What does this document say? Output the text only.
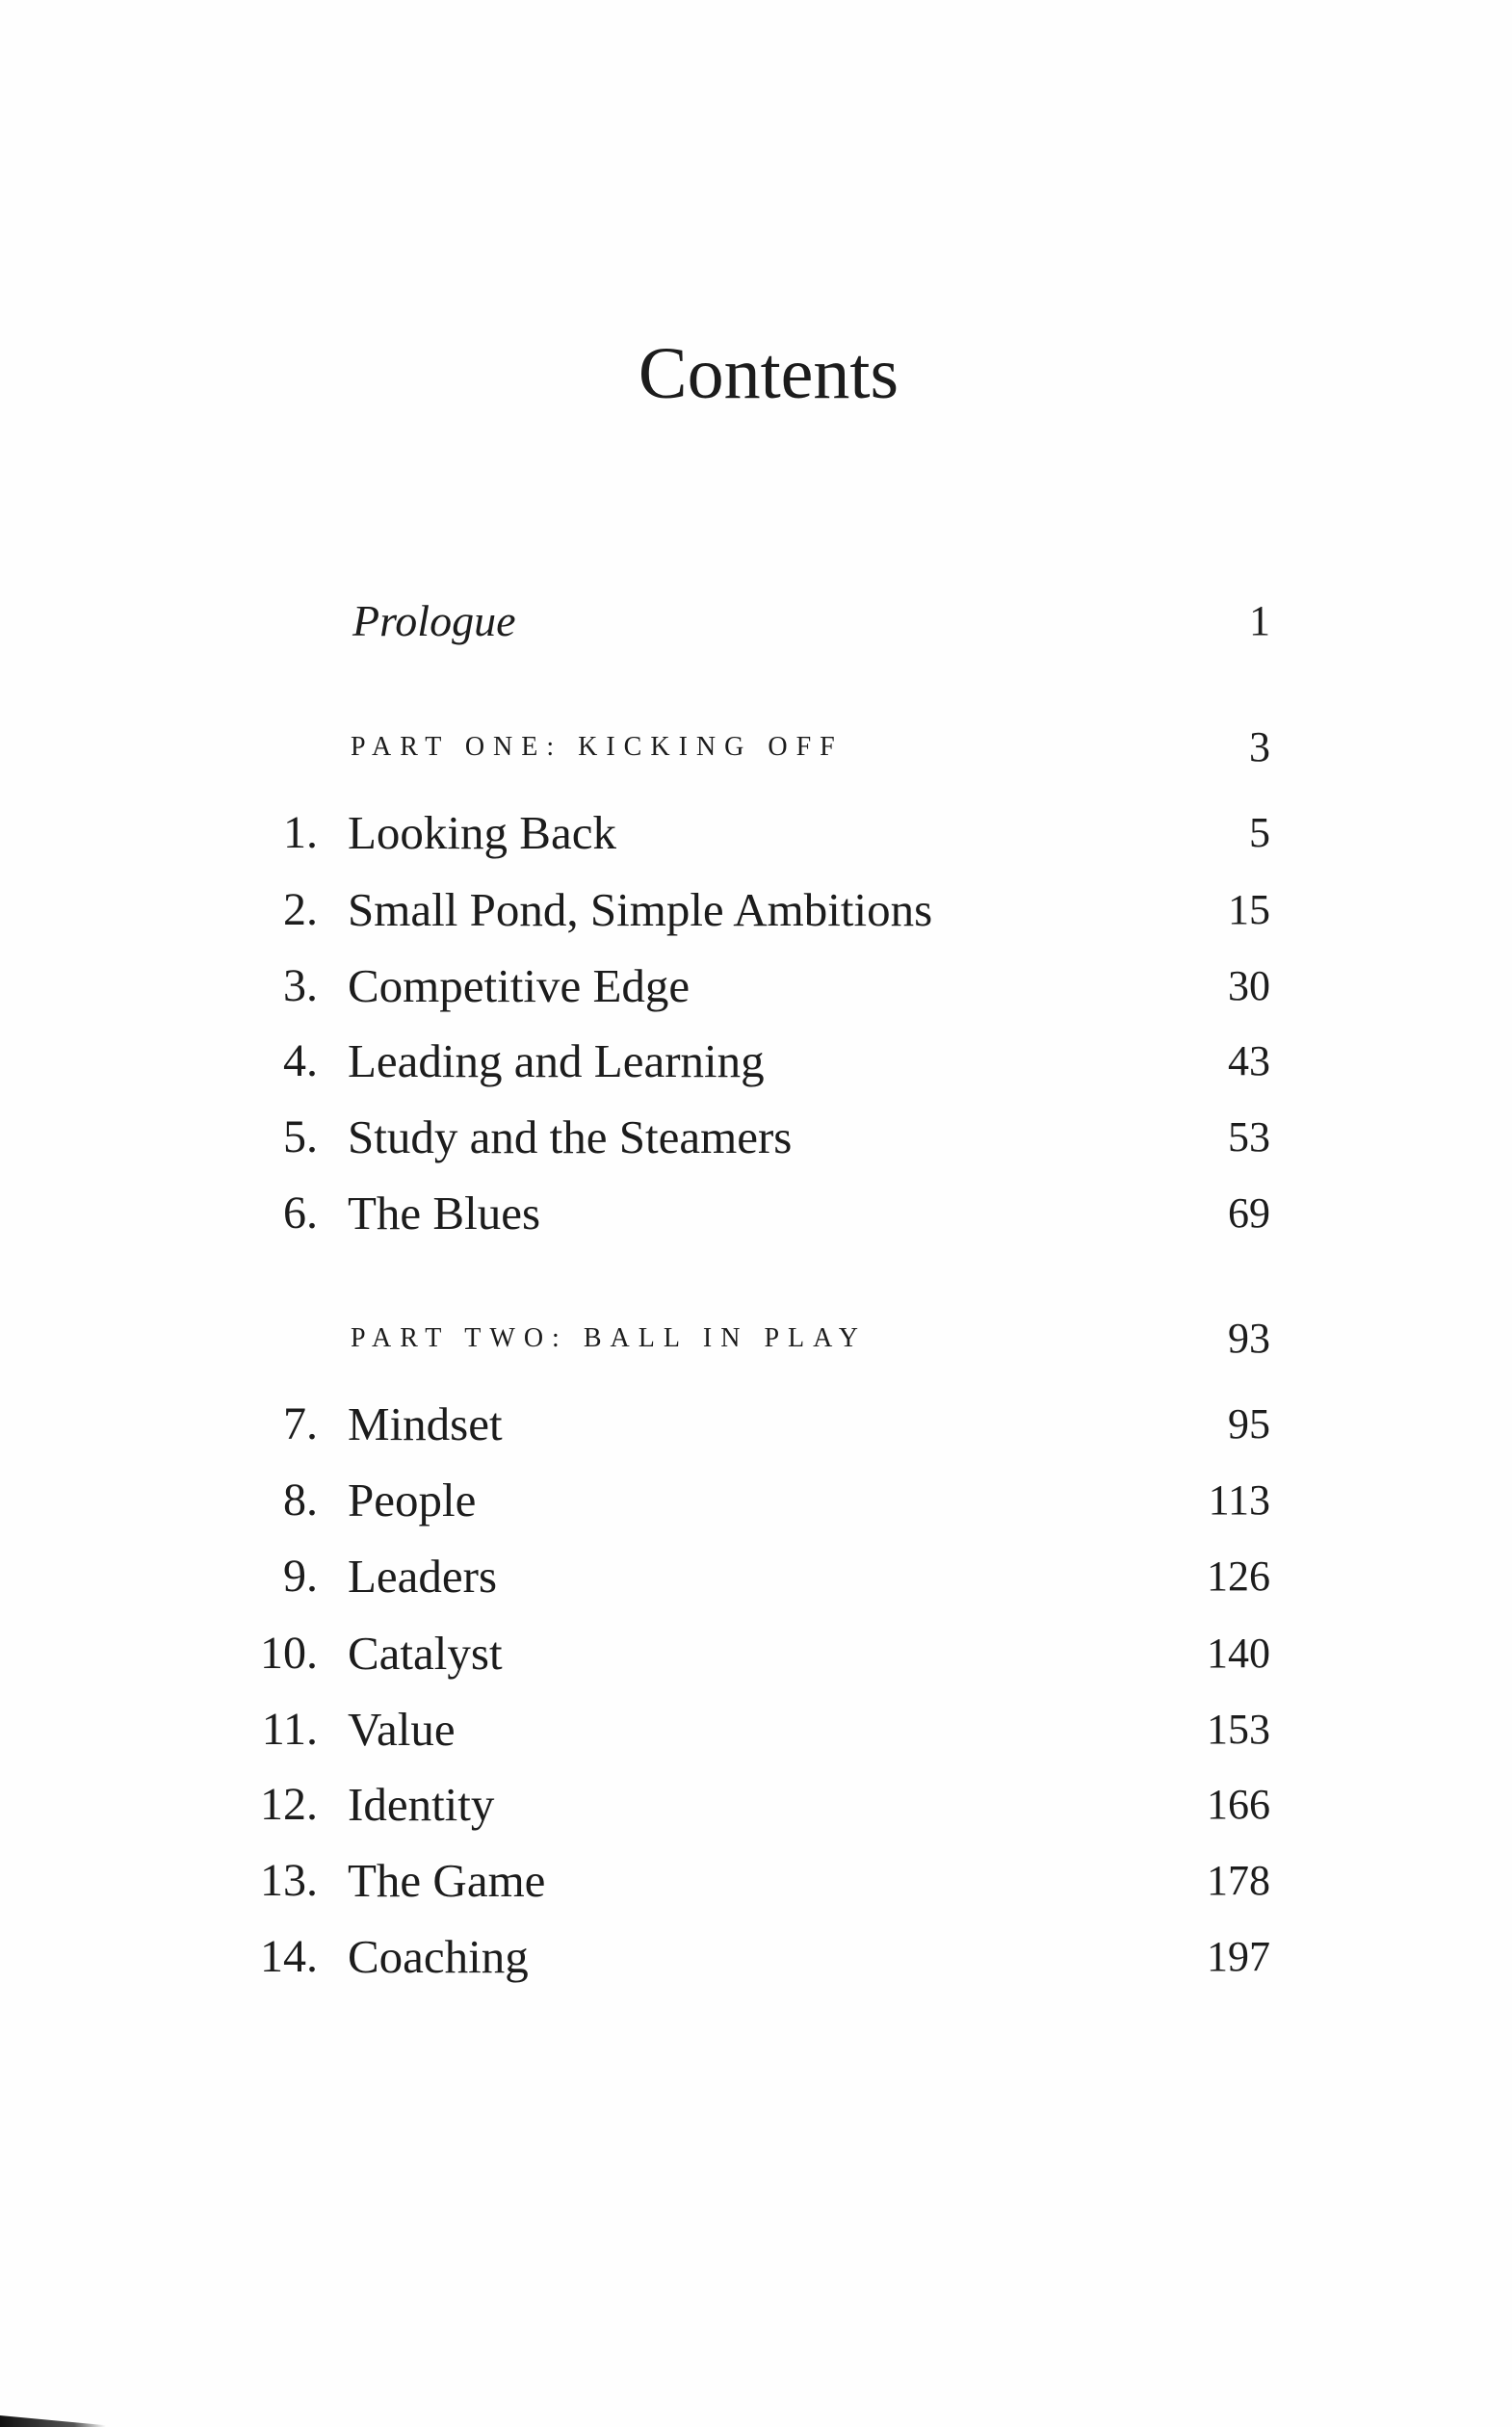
Contents
Prologue	1
PART ONE: KICKING OFF	3
1. Looking Back	5
2. Small Pond, Simple Ambitions	15
3. Competitive Edge	30
4. Leading and Learning	43
5. Study and the Steamers	53
6. The Blues	69
PART TWO: BALL IN PLAY	93
7. Mindset	95
8. People	113
9. Leaders	126
10. Catalyst	140
11. Value	153
12. Identity	166
13. The Game	178
14. Coaching	197
